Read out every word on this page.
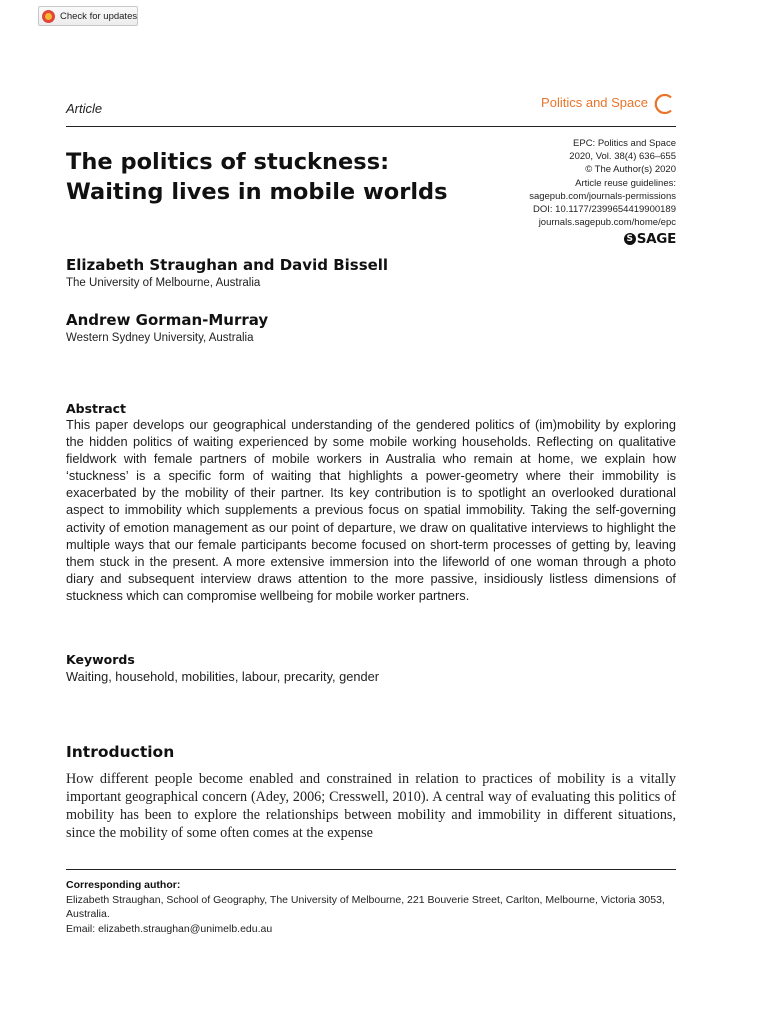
Check for updates
Article	Politics and Space
The politics of stuckness:
Waiting lives in mobile worlds
EPC: Politics and Space
2020, Vol. 38(4) 636–655
© The Author(s) 2020
Article reuse guidelines:
sagepub.com/journals-permissions
DOI: 10.1177/2399654419900189
journals.sagepub.com/home/epc
S SAGE
Elizabeth Straughan and David Bissell
The University of Melbourne, Australia
Andrew Gorman-Murray
Western Sydney University, Australia
Abstract

This paper develops our geographical understanding of the gendered politics of (im)mobility by exploring the hidden politics of waiting experienced by some mobile working households. Reflecting on qualitative fieldwork with female partners of mobile workers in Australia who remain at home, we explain how ‘stuckness’ is a specific form of waiting that highlights a power-geometry where their immobility is exacerbated by the mobility of their partner. Its key contribution is to spotlight an overlooked durational aspect to immobility which supplements a previous focus on spatial immobility. Taking the self-governing activity of emotion management as our point of departure, we draw on qualitative interviews to highlight the multiple ways that our female participants become focused on short-term processes of getting by, leaving them stuck in the present. A more extensive immersion into the lifeworld of one woman through a photo diary and subsequent interview draws attention to the more passive, insidiously listless dimensions of stuckness which can compromise wellbeing for mobile worker partners.

Keywords
Waiting, household, mobilities, labour, precarity, gender
Introduction

How different people become enabled and constrained in relation to practices of mobility is a vitally important geographical concern (Adey, 2006; Cresswell, 2010). A central way of evaluating this politics of mobility has been to explore the relationships between mobility and immobility in different situations, since the mobility of some often comes at the expense

Corresponding author:
Elizabeth Straughan, School of Geography, The University of Melbourne, 221 Bouverie Street, Carlton, Melbourne, Victoria 3053, Australia.
Email: elizabeth.straughan@unimelb.edu.au
